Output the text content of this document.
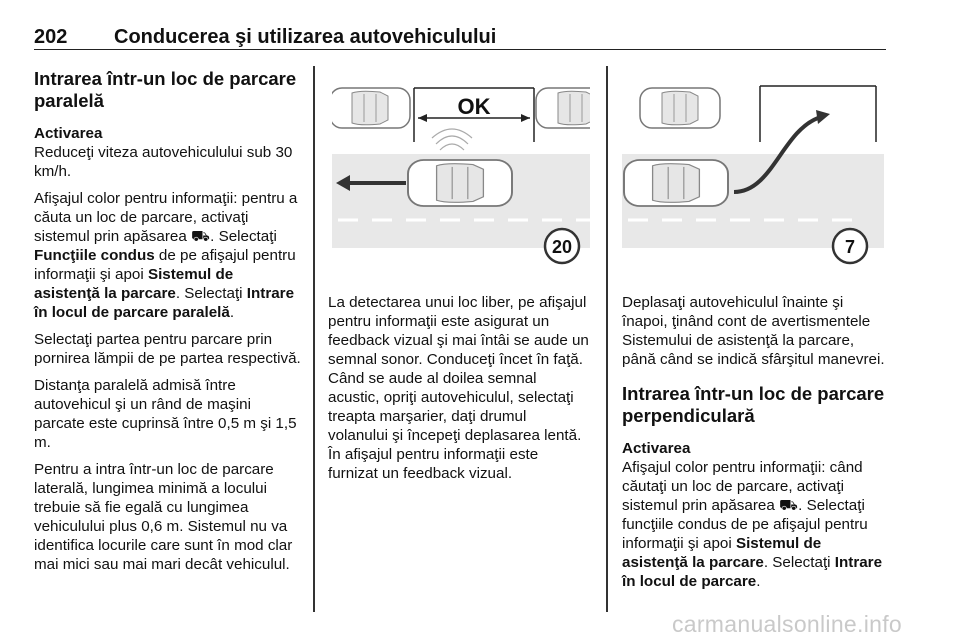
202 Conducerea şi utilizarea autovehiculului
Intrarea într-un loc de parcare paralelă
Activarea

Reduceţi viteza autovehiculului sub 30 km/h.

Afişajul color pentru informaţii: pentru a căuta un loc de parcare, activaţi sistemul prin apăsarea ⛟. Selectaţi Funcţiile condus de pe afişajul pentru informaţii şi apoi Sistemul de asistenţă la parcare. Selectaţi Intrare în locul de parcare paralelă.

Selectaţi partea pentru parcare prin pornirea lămpii de pe partea respectivă.

Distanţa paralelă admisă între autovehicul şi un rând de maşini parcate este cuprinsă între 0,5 m şi 1,5 m.

Pentru a intra într-un loc de parcare laterală, lungimea minimă a locului trebuie să fie egală cu lungimea vehiculului plus 0,6 m. Sistemul nu va identifica locurile care sunt în mod clar mai mici sau mai mari decât vehiculul.

OK
20

La detectarea unui loc liber, pe afişajul pentru informaţii este asigurat un feedback vizual şi mai întâi se aude un semnal sonor. Conduceţi încet în faţă. Când se aude al doilea semnal acustic, opriţi autovehiculul, selectaţi treapta marşarier, daţi drumul volanului şi începeţi deplasarea lentă. În afişajul pentru informaţii este furnizat un feedback vizual.

7

Deplasaţi autovehiculul înainte şi înapoi, ţinând cont de avertismentele Sistemului de asistenţă la parcare, până când se indică sfârşitul manevrei.

Intrarea într-un loc de parcare perpendiculară
Activarea

Afişajul color pentru informaţii: când căutaţi un loc de parcare, activaţi sistemul prin apăsarea ⛟. Selectaţi funcţiile condus de pe afişajul pentru informaţii şi apoi Sistemul de asistenţă la parcare. Selectaţi Intrare în locul de parcare.

carmanualsonline.info
